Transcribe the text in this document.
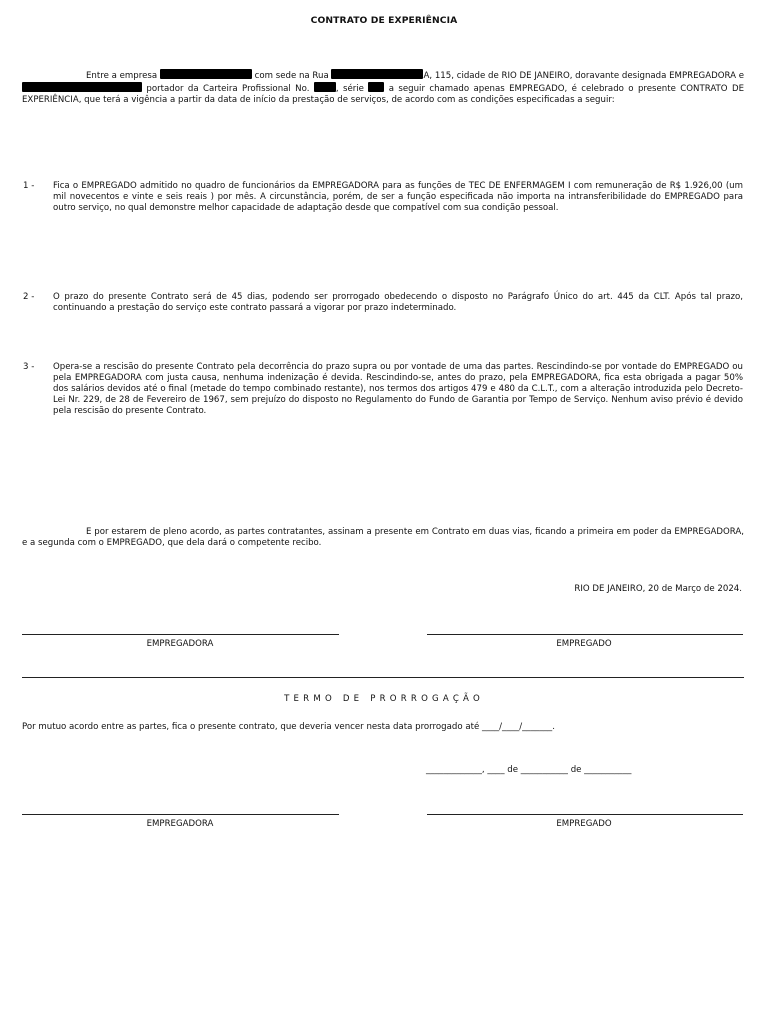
CONTRATO DE EXPERIÊNCIA
Entre a empresa	com sede na Rua	A, 115, cidade de RIO DE JANEIRO, doravante designada EMPREGADORA e  portador da Carteira Profissional No.	, série	a seguir chamado apenas EMPREGADO, é celebrado o presente CONTRATO DE EXPERIÊNCIA, que terá a vigência a partir da data de início da prestação de serviços, de acordo com as condições especificadas a seguir:
1 - Fica o EMPREGADO admitido no quadro de funcionários da EMPREGADORA para as funções de TEC DE ENFERMAGEM I com remuneração de R$ 1.926,00 (um mil novecentos e vinte e seis reais ) por mês. A circunstância, porém, de ser a função especificada não importa na intransferibilidade do EMPREGADO para outro serviço, no qual demonstre melhor capacidade de adaptação desde que compatível com sua condição pessoal.
2 - O prazo do presente Contrato será de 45 dias, podendo ser prorrogado obedecendo o disposto no Parágrafo Único do art. 445 da CLT. Após tal prazo, continuando a prestação do serviço este contrato passará a vigorar por prazo indeterminado.
3 - Opera-se a rescisão do presente Contrato pela decorrência do prazo supra ou por vontade de uma das partes. Rescindindo-se por vontade do EMPREGADO ou pela EMPREGADORA com justa causa, nenhuma indenização é devida. Rescindindo-se, antes do prazo, pela EMPREGADORA, fica esta obrigada a pagar 50% dos salários devidos até o final (metade do tempo combinado restante), nos termos dos artigos 479 e 480 da C.L.T., com a alteração introduzida pelo Decreto-Lei Nr. 229, de 28 de Fevereiro de 1967, sem prejuízo do disposto no Regulamento do Fundo de Garantia por Tempo de Serviço. Nenhum aviso prévio é devido pela rescisão do presente Contrato.
E por estarem de pleno acordo, as partes contratantes, assinam a presente em Contrato em duas vias, ficando a primeira em poder da EMPREGADORA, e a segunda com o EMPREGADO, que dela dará o competente recibo.
RIO DE JANEIRO, 20 de Março de 2024.
EMPREGADORA	EMPREGADO
TERMO DE PRORROGAÇÃO
Por mutuo acordo entre as partes, fica o presente contrato, que deveria vencer nesta data prorrogado até ____/____/_______.
_____________, ____ de ___________ de ___________
EMPREGADORA	EMPREGADO
